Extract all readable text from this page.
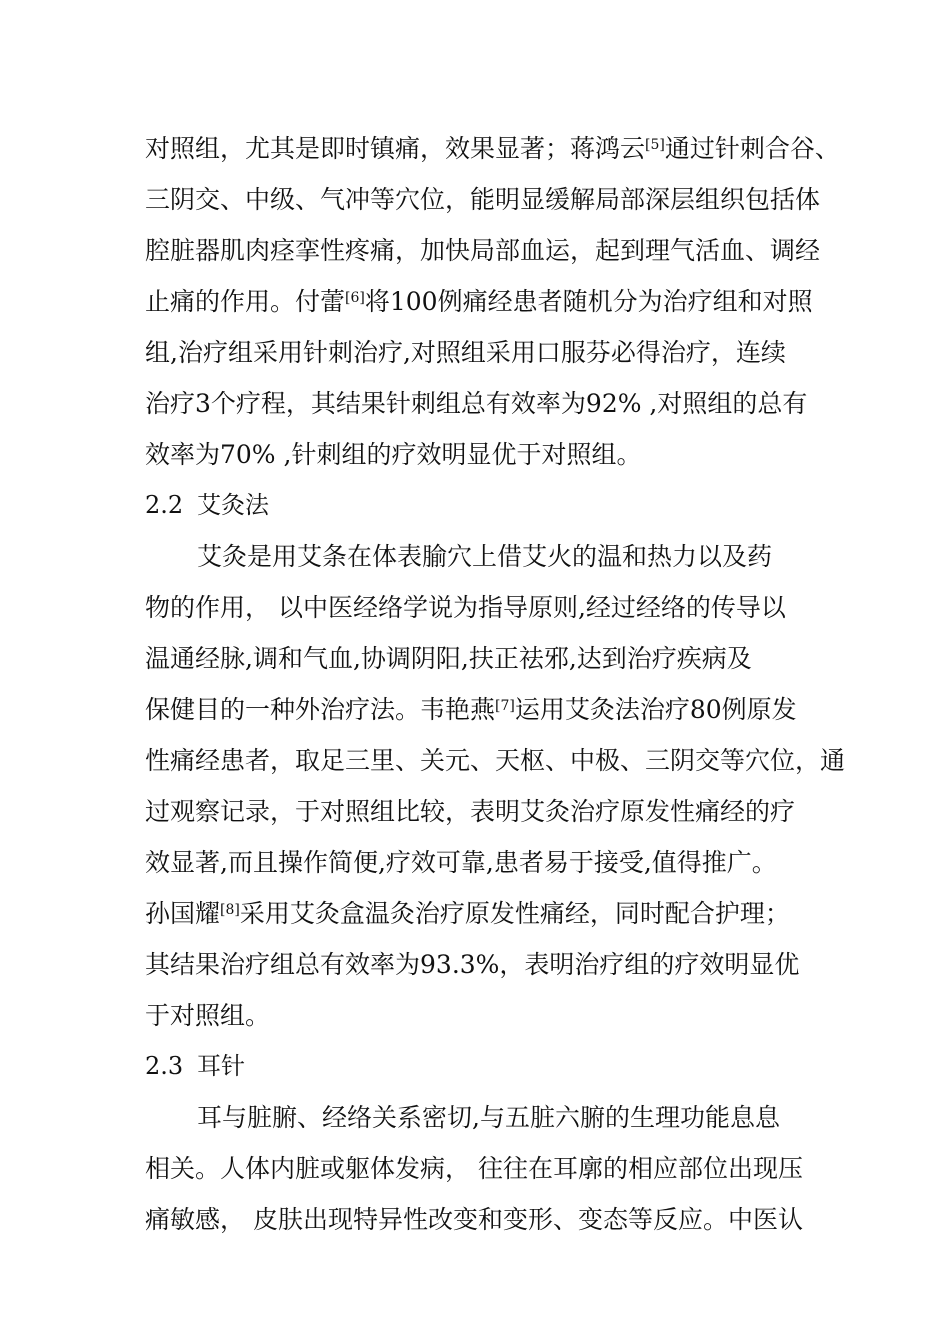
对照组，尤其是即时镇痛，效果显著；蒋鸿云[5]通过针刺合谷、
三阴交、中级、气冲等穴位，能明显缓解局部深层组织包括体
腔脏器肌肉痉挛性疼痛，加快局部血运，起到理气活血、调经
止痛的作用。付蕾[6]将100例痛经患者随机分为治疗组和对照
组,治疗组采用针刺治疗,对照组采用口服芬必得治疗，连续
治疗3个疗程，其结果针刺组总有效率为92% ,对照组的总有
效率为70% ,针刺组的疗效明显优于对照组。
2.2 艾灸法
艾灸是用艾条在体表腧穴上借艾火的温和热力以及药
物的作用， 以中医经络学说为指导原则,经过经络的传导以
温通经脉,调和气血,协调阴阳,扶正祛邪,达到治疗疾病及
保健目的一种外治疗法。韦艳燕[7]运用艾灸法治疗80例原发
性痛经患者，取足三里、关元、天枢、中极、三阴交等穴位，通
过观察记录，于对照组比较，表明艾灸治疗原发性痛经的疗
效显著,而且操作简便,疗效可靠,患者易于接受,值得推广。
孙国耀[8]采用艾灸盒温灸治疗原发性痛经，同时配合护理；
其结果治疗组总有效率为93.3%，表明治疗组的疗效明显优
于对照组。
2.3 耳针
耳与脏腑、经络关系密切,与五脏六腑的生理功能息息
相关。人体内脏或躯体发病， 往往在耳廓的相应部位出现压
痛敏感， 皮肤出现特异性改变和变形、变态等反应。中医认
